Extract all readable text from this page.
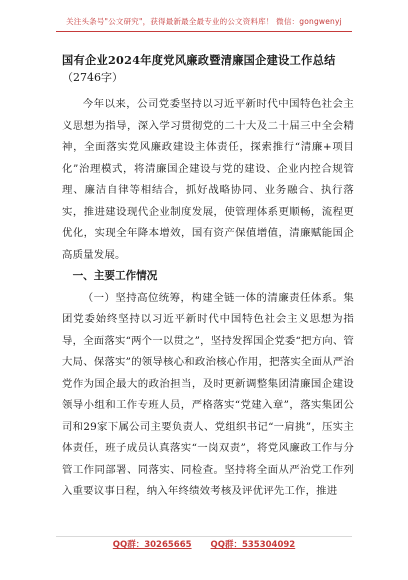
关注头条号"公文研究"，获得最新最全最专业的公文资料库！ 微信：gongwenyj

国有企业2024年度党风廉政暨清廉国企建设工作总结

（2746字）

今年以来，公司党委坚持以习近平新时代中国特色社会主义思想为指导，深入学习贯彻党的二十大及二十届三中全会精神，全面落实党风廉政建设主体责任，探索推行“清廉+项目化”治理模式，将清廉国企建设与党的建设、企业内控合规管理、廉洁自律等相结合，抓好战略协同、业务融合、执行落实，推进建设现代企业制度发展，使管理体系更顺畅，流程更优化，实现全年降本增效，国有资产保值增值，清廉赋能国企高质量发展。

一、主要工作情况

（一）坚持高位统筹，构建全链一体的清廉责任体系。集团党委始终坚持以习近平新时代中国特色社会主义思想为指导，全面落实“两个一以贯之”，坚持发挥国企党委“把方向、管大局、保落实”的领导核心和政治核心作用，把落实全面从严治党作为国企最大的政治担当，及时更新调整集团清廉国企建设领导小组和工作专班人员，严格落实“党建入章”，落实集团公司和29家下属公司主要负责人、党组织书记“一肩挑”，压实主体责任，班子成员认真落实“一岗双责”，将党风廉政工作与分管工作同部署、同落实、同检查。坚持将全面从严治党工作列入重要议事日程，纳入年终绩效考核及评优评先工作，推进

QQ群：30265665 QQ群：535304092
